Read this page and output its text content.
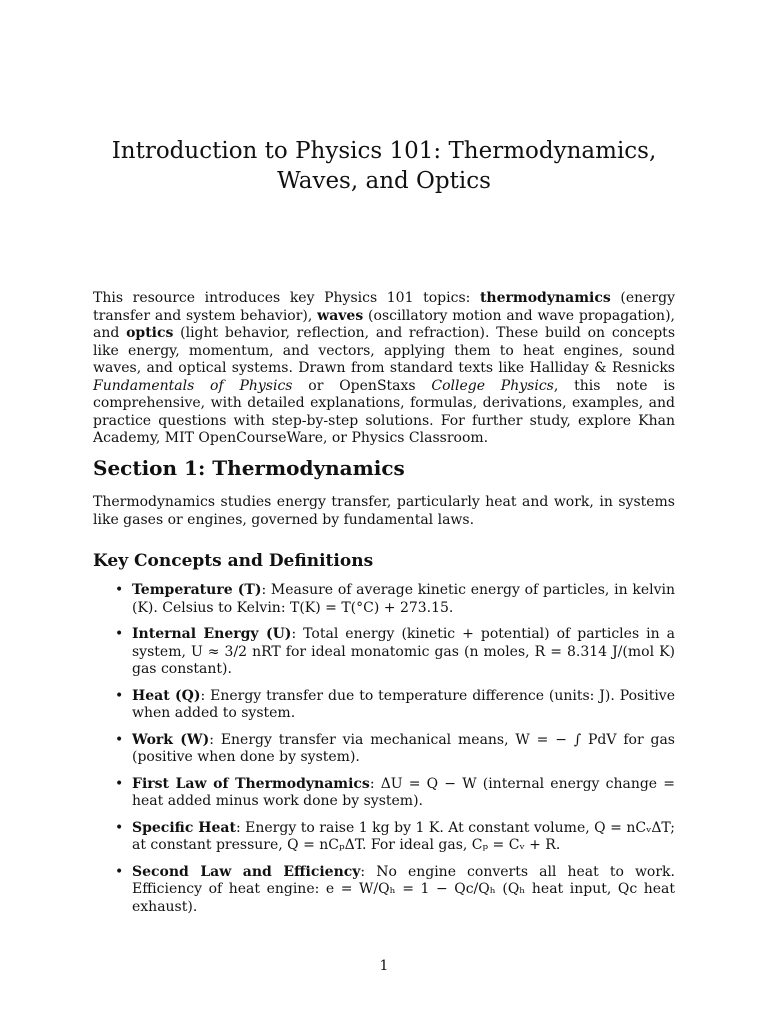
Introduction to Physics 101: Thermodynamics,
Waves, and Optics

This resource introduces key Physics 101 topics: thermodynamics (energy transfer and system behavior), waves (oscillatory motion and wave propagation), and optics (light behavior, reflection, and refraction). These build on concepts like energy, momentum, and vectors, applying them to heat engines, sound waves, and optical systems. Drawn from standard texts like Halliday & Resnicks Fundamentals of Physics or OpenStaxs College Physics, this note is comprehensive, with detailed explanations, formulas, derivations, examples, and practice questions with step-by-step solutions. For further study, explore Khan Academy, MIT OpenCourseWare, or Physics Classroom.

Section 1: Thermodynamics

Thermodynamics studies energy transfer, particularly heat and work, in systems like gases or engines, governed by fundamental laws.

Key Concepts and Definitions
• Temperature (T): Measure of average kinetic energy of particles, in kelvin (K). Celsius to Kelvin: T(K) = T(°C) + 273.15.
• Internal Energy (U): Total energy (kinetic + potential) of particles in a system, U ≈ 3/2 nRT for ideal monatomic gas (n moles, R = 8.314 J/(mol K) gas constant).
• Heat (Q): Energy transfer due to temperature difference (units: J). Positive when added to system.
• Work (W): Energy transfer via mechanical means, W = − ∫ PdV for gas (positive when done by system).
• First Law of Thermodynamics: ΔU = Q − W (internal energy change = heat added minus work done by system).
• Specific Heat: Energy to raise 1 kg by 1 K. At constant volume, Q = nCᵥΔT; at constant pressure, Q = nCₚΔT. For ideal gas, Cₚ = Cᵥ + R.
• Second Law and Efficiency: No engine converts all heat to work. Efficiency of heat engine: e = W/Qₕ = 1 − Qc/Qₕ (Qₕ heat input, Qc heat exhaust).
1
